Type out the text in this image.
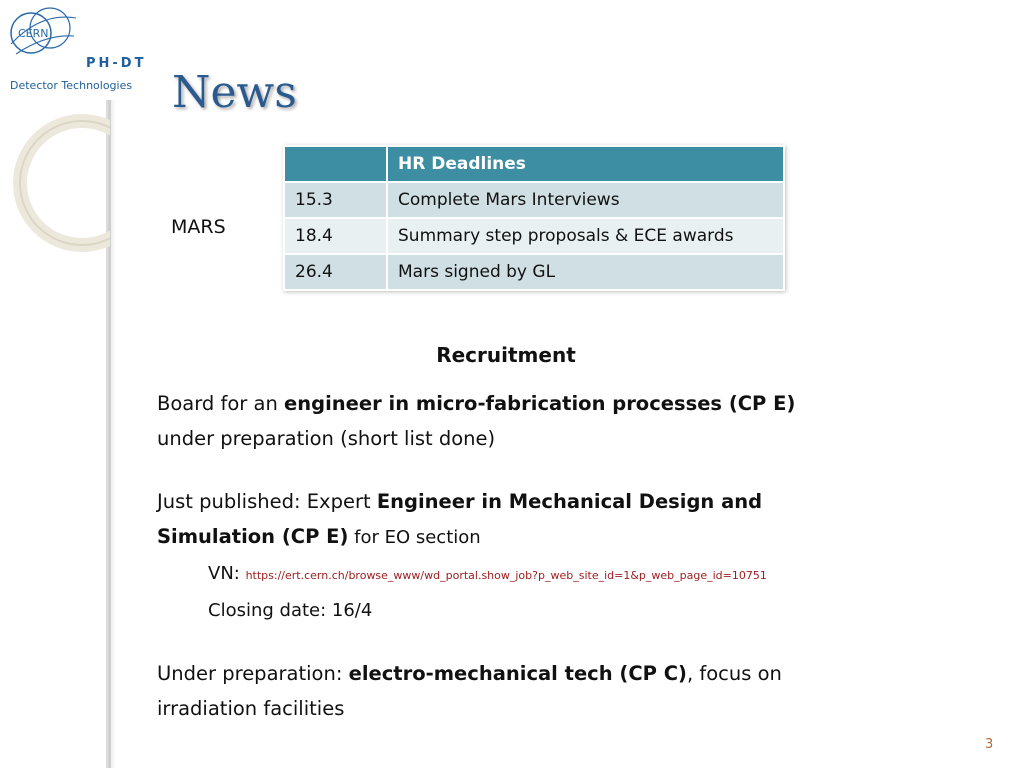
CERN
PH-DT
Detector Technologies News
MARS
	HR Deadlines
15.3	Complete Mars Interviews
18.4	Summary step proposals & ECE awards
26.4	Mars signed by GL
Recruitment

Board for an engineer in micro-fabrication processes (CP E)

under preparation (short list done)

Just published: Expert Engineer in Mechanical Design and

Simulation (CP E) for EO section

VN: https://ert.cern.ch/browse_www/wd_portal.show_job?p_web_site_id=1&p_web_page_id=10751

Closing date: 16/4

Under preparation: electro-mechanical tech (CP C), focus on

irradiation facilities

3
